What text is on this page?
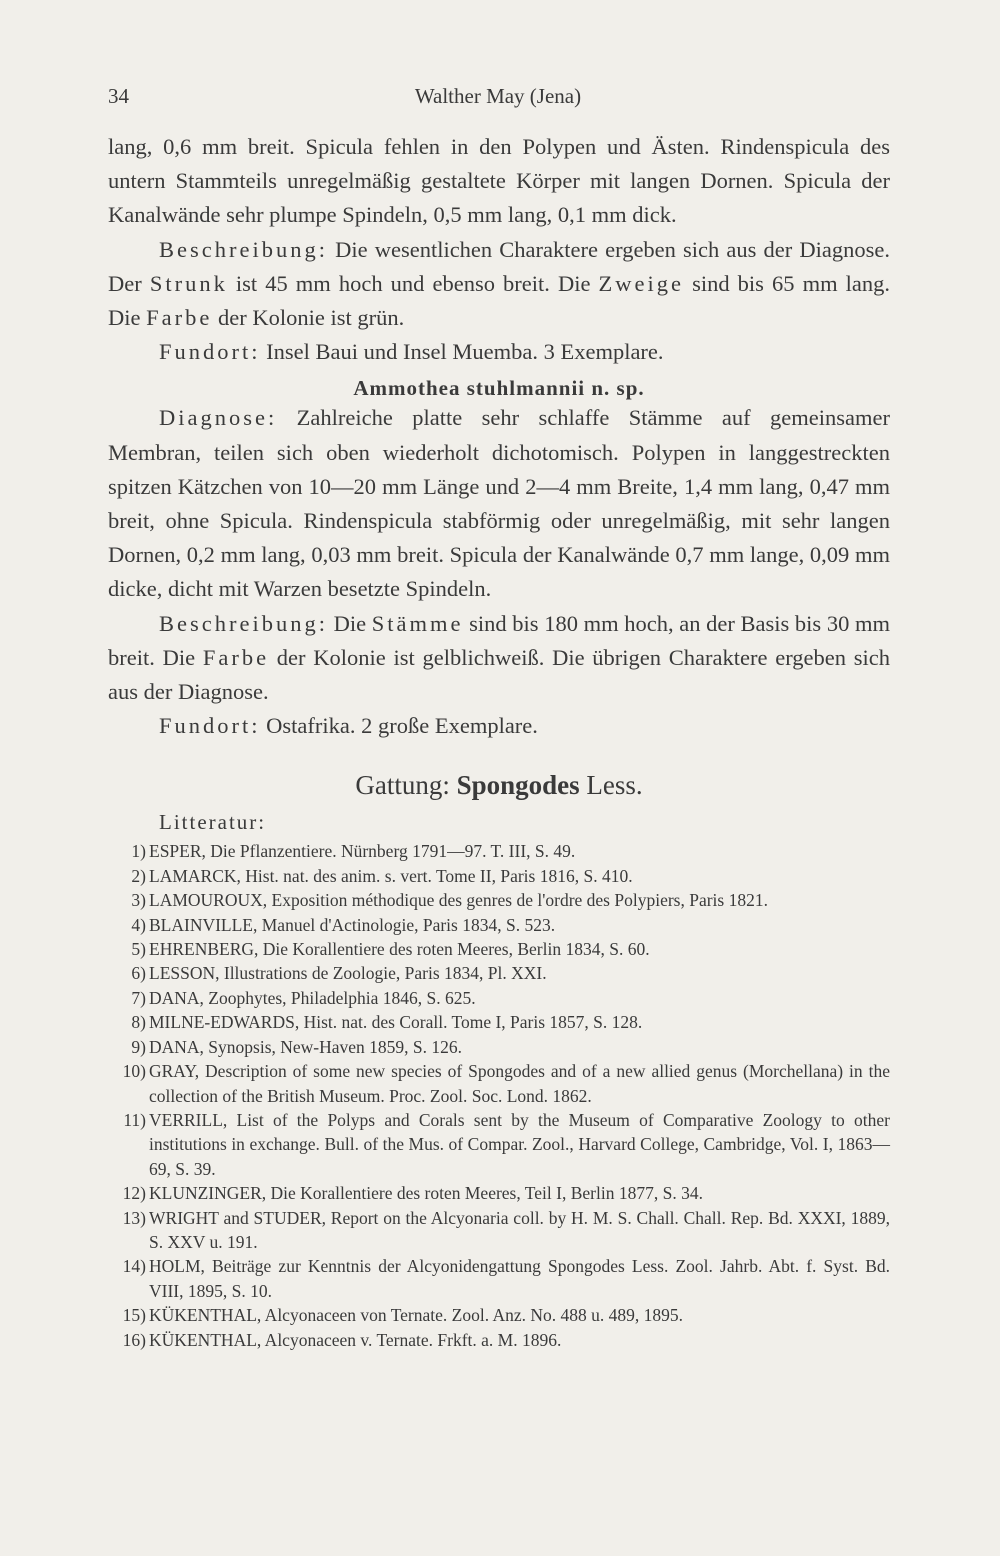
34	Walther May (Jena)

lang, 0,6 mm breit. Spicula fehlen in den Polypen und Ästen. Rindenspicula des untern Stammteils unregelmäßig gestaltete Körper mit langen Dornen. Spicula der Kanalwände sehr plumpe Spindeln, 0,5 mm lang, 0,1 mm dick.

Beschreibung: Die wesentlichen Charaktere ergeben sich aus der Diagnose. Der Strunk ist 45 mm hoch und ebenso breit. Die Zweige sind bis 65 mm lang. Die Farbe der Kolonie ist grün.

Fundort: Insel Baui und Insel Muemba. 3 Exemplare.

Ammothea stuhlmannii n. sp.

Diagnose: Zahlreiche platte sehr schlaffe Stämme auf gemeinsamer Membran, teilen sich oben wiederholt dichotomisch. Polypen in langgestreckten spitzen Kätzchen von 10—20 mm Länge und 2—4 mm Breite, 1,4 mm lang, 0,47 mm breit, ohne Spicula. Rindenspicula stabförmig oder unregelmäßig, mit sehr langen Dornen, 0,2 mm lang, 0,03 mm breit. Spicula der Kanalwände 0,7 mm lange, 0,09 mm dicke, dicht mit Warzen besetzte Spindeln.

Beschreibung: Die Stämme sind bis 180 mm hoch, an der Basis bis 30 mm breit. Die Farbe der Kolonie ist gelblichweiß. Die übrigen Charaktere ergeben sich aus der Diagnose.

Fundort: Ostafrika. 2 große Exemplare.

Gattung: Spongodes Less.
Litteratur:
1) ESPER, Die Pflanzentiere. Nürnberg 1791—97. T. III, S. 49.
2) LAMARCK, Hist. nat. des anim. s. vert. Tome II, Paris 1816, S. 410.
3) LAMOUROUX, Exposition méthodique des genres de l'ordre des Polypiers, Paris 1821.
4) BLAINVILLE, Manuel d'Actinologie, Paris 1834, S. 523.
5) EHRENBERG, Die Korallentiere des roten Meeres, Berlin 1834, S. 60.
6) LESSON, Illustrations de Zoologie, Paris 1834, Pl. XXI.
7) DANA, Zoophytes, Philadelphia 1846, S. 625.
8) MILNE-EDWARDS, Hist. nat. des Corall. Tome I, Paris 1857, S. 128.
9) DANA, Synopsis, New-Haven 1859, S. 126.
10) GRAY, Description of some new species of Spongodes and of a new allied genus (Morchellana) in the collection of the British Museum. Proc. Zool. Soc. Lond. 1862.
11) VERRILL, List of the Polyps and Corals sent by the Museum of Comparative Zoology to other institutions in exchange. Bull. of the Mus. of Compar. Zool., Harvard College, Cambridge, Vol. I, 1863—69, S. 39.
12) KLUNZINGER, Die Korallentiere des roten Meeres, Teil I, Berlin 1877, S. 34.
13) WRIGHT and STUDER, Report on the Alcyonaria coll. by H. M. S. Chall. Chall. Rep. Bd. XXXI, 1889, S. XXV u. 191.
14) HOLM, Beiträge zur Kenntnis der Alcyonidengattung Spongodes Less. Zool. Jahrb. Abt. f. Syst. Bd. VIII, 1895, S. 10.
15) KÜKENTHAL, Alcyonaceen von Ternate. Zool. Anz. No. 488 u. 489, 1895.
16) KÜKENTHAL, Alcyonaceen v. Ternate. Frkft. a. M. 1896.
